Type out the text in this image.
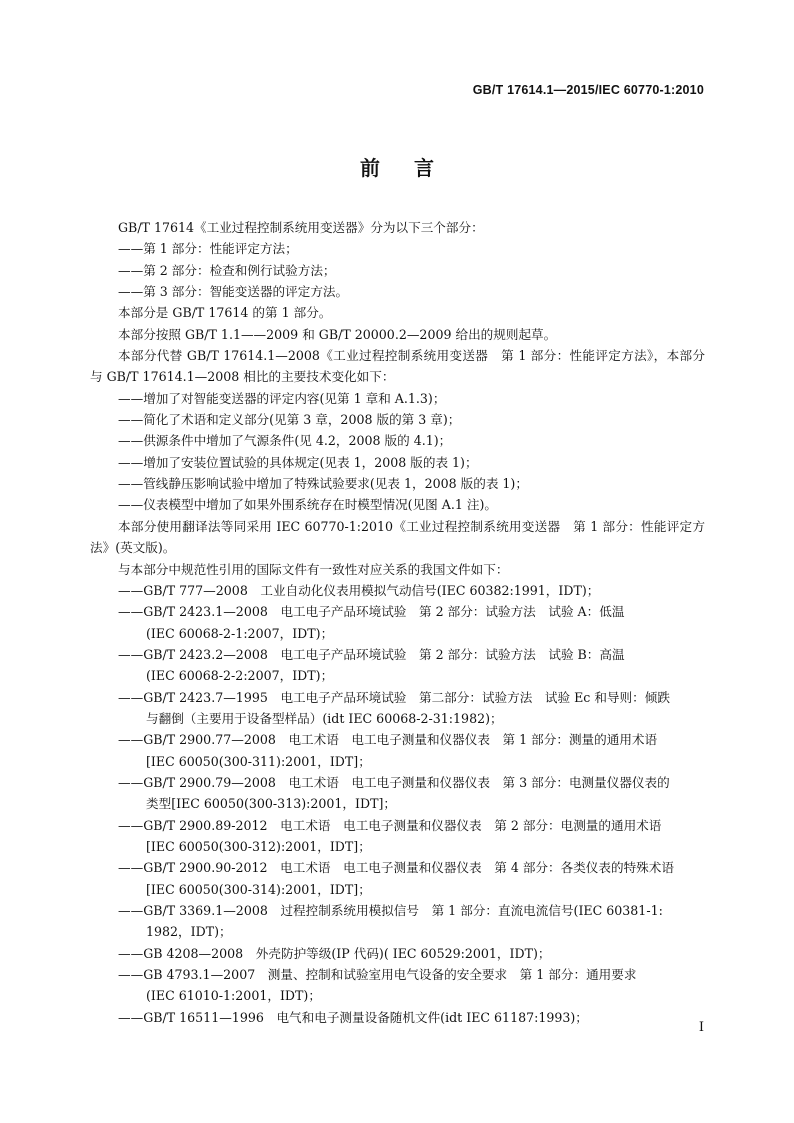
GB/T 17614.1—2015/IEC 60770-1:2010
前言

GB/T 17614《工业过程控制系统用变送器》分为以下三个部分：

——第 1 部分：性能评定方法；

——第 2 部分：检查和例行试验方法；

——第 3 部分：智能变送器的评定方法。

本部分是 GB/T 17614 的第 1 部分。

本部分按照 GB/T 1.1——2009 和 GB/T 20000.2—2009 给出的规则起草。

本部分代替 GB/T 17614.1—2008《工业过程控制系统用变送器　第 1 部分：性能评定方法》，本部分与 GB/T 17614.1—2008 相比的主要技术变化如下：

——增加了对智能变送器的评定内容(见第 1 章和 A.1.3)；

——简化了术语和定义部分(见第 3 章，2008 版的第 3 章)；

——供源条件中增加了气源条件(见 4.2，2008 版的 4.1)；

——增加了安装位置试验的具体规定(见表 1，2008 版的表 1)；

——管线静压影响试验中增加了特殊试验要求(见表 1，2008 版的表 1)；

——仪表模型中增加了如果外围系统存在时模型情况(见图 A.1 注)。

本部分使用翻译法等同采用 IEC 60770-1:2010《工业过程控制系统用变送器　第 1 部分：性能评定方法》(英文版)。

与本部分中规范性引用的国际文件有一致性对应关系的我国文件如下：

——GB/T 777—2008　工业自动化仪表用模拟气动信号(IEC 60382:1991，IDT)；

——GB/T 2423.1—2008　电工电子产品环境试验　第 2 部分：试验方法　试验 A：低温
(IEC 60068-2-1:2007，IDT)；

——GB/T 2423.2—2008　电工电子产品环境试验　第 2 部分：试验方法　试验 B：高温
(IEC 60068-2-2:2007，IDT)；

——GB/T 2423.7—1995　电工电子产品环境试验　第二部分：试验方法　试验 Ec 和导则：倾跌
与翻倒（主要用于设备型样品）(idt IEC 60068-2-31:1982)；

——GB/T 2900.77—2008　电工术语　电工电子测量和仪器仪表　第 1 部分：测量的通用术语
[IEC 60050(300-311):2001，IDT]；

——GB/T 2900.79—2008　电工术语　电工电子测量和仪器仪表　第 3 部分：电测量仪器仪表的
类型[IEC 60050(300-313):2001，IDT]；

——GB/T 2900.89-2012　电工术语　电工电子测量和仪器仪表　第 2 部分：电测量的通用术语
[IEC 60050(300-312):2001，IDT]；

——GB/T 2900.90-2012　电工术语　电工电子测量和仪器仪表　第 4 部分：各类仪表的特殊术语
[IEC 60050(300-314):2001，IDT]；

——GB/T 3369.1—2008　过程控制系统用模拟信号　第 1 部分：直流电流信号(IEC 60381-1:
1982，IDT)；

——GB 4208—2008　外壳防护等级(IP 代码)( IEC 60529:2001，IDT)；

——GB 4793.1—2007　测量、控制和试验室用电气设备的安全要求　第 1 部分：通用要求
(IEC 61010-1:2001，IDT)；

——GB/T 16511—1996　电气和电子测量设备随机文件(idt IEC 61187:1993)；

I
